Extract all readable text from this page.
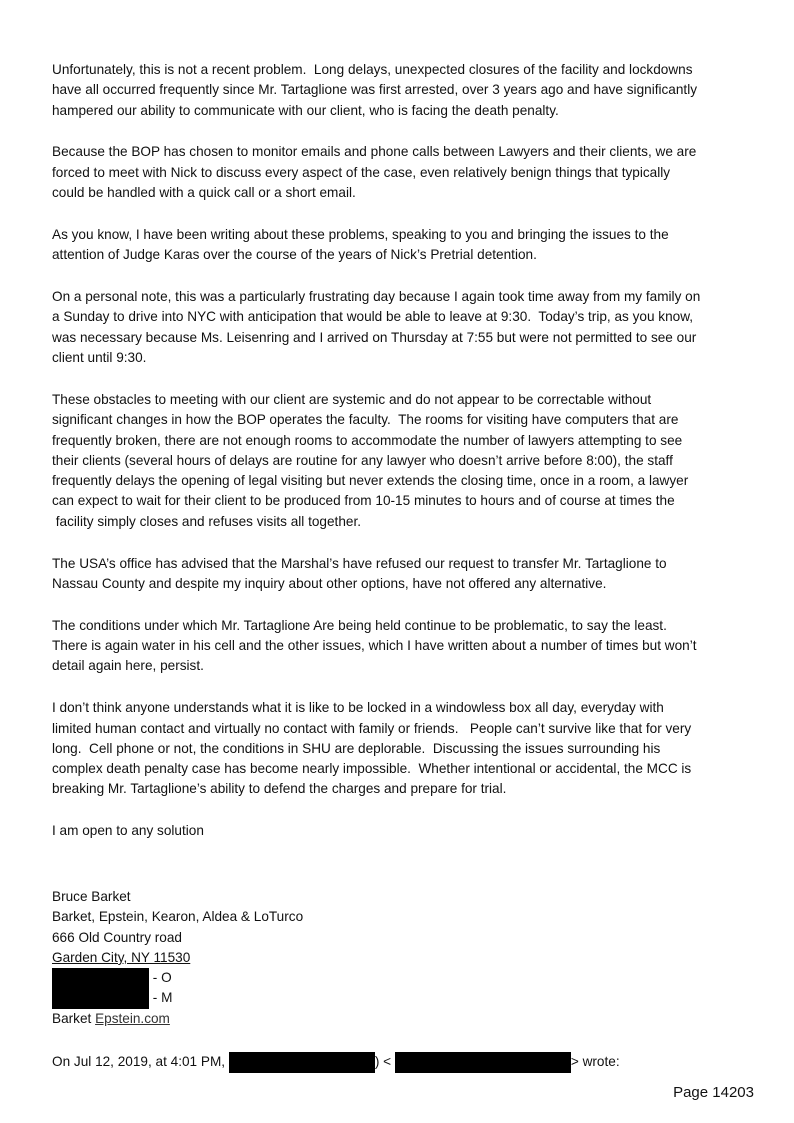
Unfortunately, this is not a recent problem.  Long delays, unexpected closures of the facility and lockdowns
have all occurred frequently since Mr. Tartaglione was first arrested, over 3 years ago and have significantly
hampered our ability to communicate with our client, who is facing the death penalty.
Because the BOP has chosen to monitor emails and phone calls between Lawyers and their clients, we are
forced to meet with Nick to discuss every aspect of the case, even relatively benign things that typically
could be handled with a quick call or a short email.
As you know, I have been writing about these problems, speaking to you and bringing the issues to the
attention of Judge Karas over the course of the years of Nick’s Pretrial detention.
On a personal note, this was a particularly frustrating day because I again took time away from my family on
a Sunday to drive into NYC with anticipation that would be able to leave at 9:30.  Today’s trip, as you know,
was necessary because Ms. Leisenring and I arrived on Thursday at 7:55 but were not permitted to see our
client until 9:30.
These obstacles to meeting with our client are systemic and do not appear to be correctable without
significant changes in how the BOP operates the faculty.  The rooms for visiting have computers that are
frequently broken, there are not enough rooms to accommodate the number of lawyers attempting to see
their clients (several hours of delays are routine for any lawyer who doesn’t arrive before 8:00), the staff
frequently delays the opening of legal visiting but never extends the closing time, once in a room, a lawyer
can expect to wait for their client to be produced from 10-15 minutes to hours and of course at times the
facility simply closes and refuses visits all together.
The USA’s office has advised that the Marshal’s have refused our request to transfer Mr. Tartaglione to
Nassau County and despite my inquiry about other options, have not offered any alternative.
The conditions under which Mr. Tartaglione Are being held continue to be problematic, to say the least.
There is again water in his cell and the other issues, which I have written about a number of times but won’t
detail again here, persist.
I don’t think anyone understands what it is like to be locked in a windowless box all day, everyday with
limited human contact and virtually no contact with family or friends.   People can’t survive like that for very
long.  Cell phone or not, the conditions in SHU are deplorable.  Discussing the issues surrounding his
complex death penalty case has become nearly impossible.  Whether intentional or accidental, the MCC is
breaking Mr. Tartaglione’s ability to defend the charges and prepare for trial.
I am open to any solution
Bruce Barket
Barket, Epstein, Kearon, Aldea & LoTurco
666 Old Country road
Garden City, NY 11530
- O
- M
Barket Epstein.com
On Jul 12, 2019, at 4:01 PM,	) <	> wrote:
Page 14203
